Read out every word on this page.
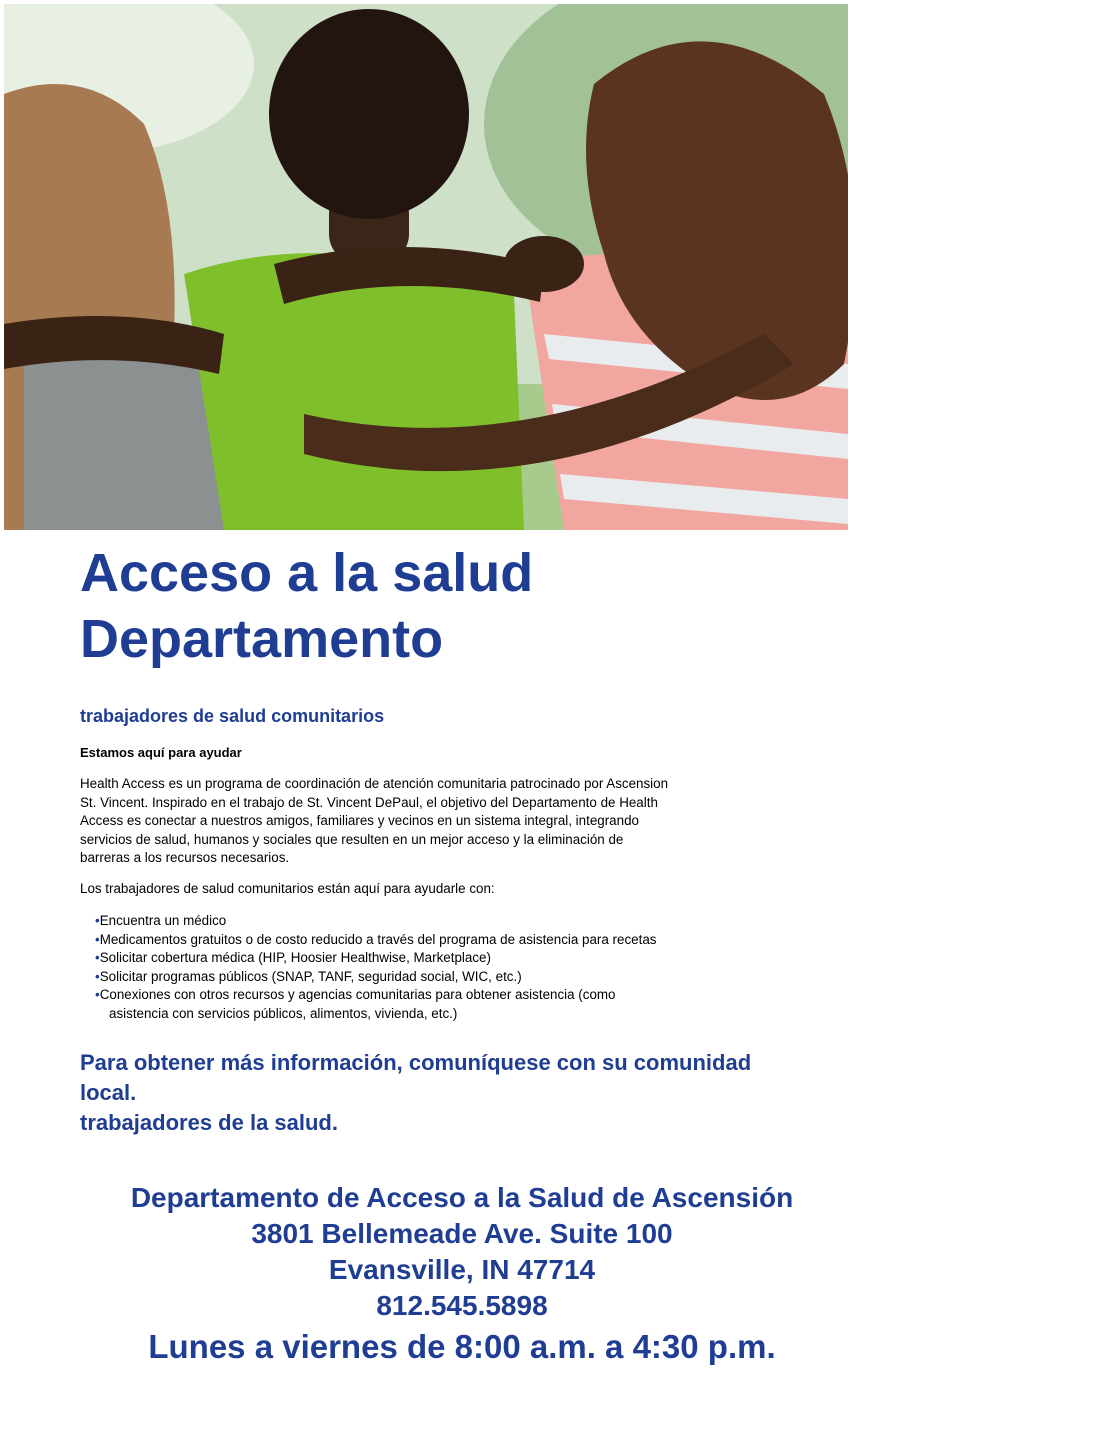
Acceso a la salud
Departamento

trabajadores de salud comunitarios

Estamos aquí para ayudar

Health Access es un programa de coordinación de atención comunitaria patrocinado por Ascension
St. Vincent. Inspirado en el trabajo de St. Vincent DePaul, el objetivo del Departamento de Health
Access es conectar a nuestros amigos, familiares y vecinos en un sistema integral, integrando
servicios de salud, humanos y sociales que resulten en un mejor acceso y la eliminación de
barreras a los recursos necesarios.

Los trabajadores de salud comunitarios están aquí para ayudarle con:

•Encuentra un médico
•Medicamentos gratuitos o de costo reducido a través del programa de asistencia para recetas
•Solicitar cobertura médica (HIP, Hoosier Healthwise, Marketplace)
•Solicitar programas públicos (SNAP, TANF, seguridad social, WIC, etc.)
•Conexiones con otros recursos y agencias comunitarias para obtener asistencia (como
asistencia con servicios públicos, alimentos, vivienda, etc.)

Para obtener más información, comuníquese con su comunidad
local.
trabajadores de la salud.

Departamento de Acceso a la Salud de Ascensión
3801 Bellemeade Ave. Suite 100
Evansville, IN 47714
812.545.5898
Lunes a viernes de 8:00 a.m. a 4:30 p.m.
